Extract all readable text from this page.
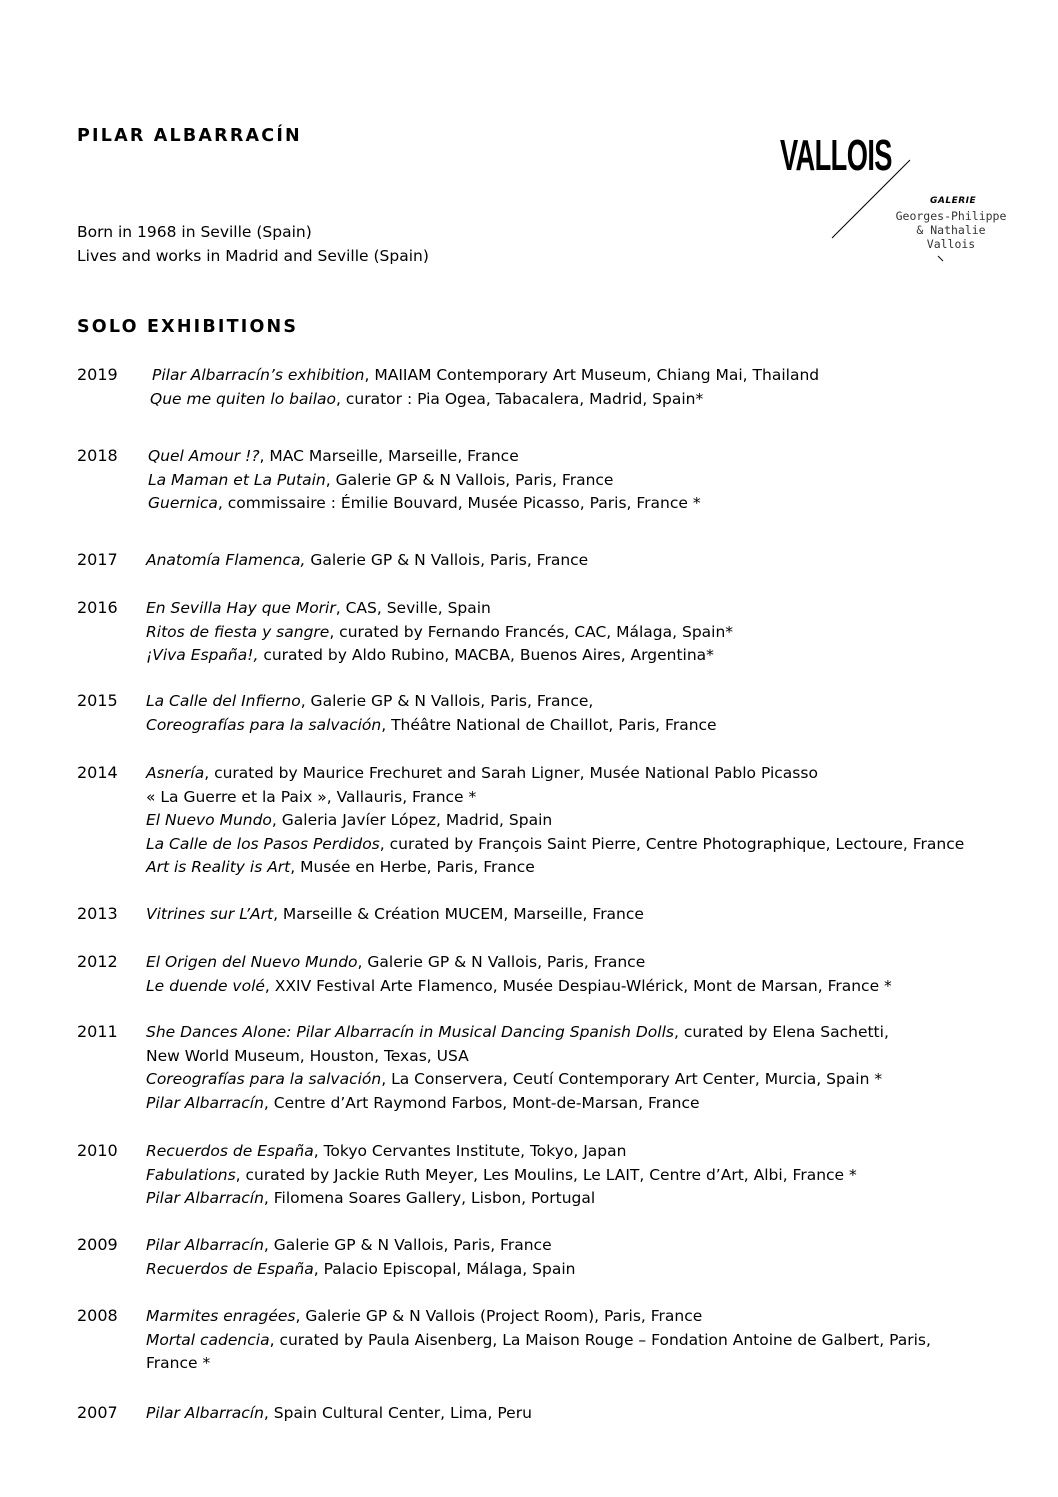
PILAR ALBARRACÍN	VALLOIS
GALERIE
Georges-Philippe
& Nathalie
Vallois
Born in 1968 in Seville (Spain)
Lives and works in Madrid and Seville (Spain)
SOLO EXHIBITIONS
2019 Pilar Albarracín’s exhibition, MAIIAM Contemporary Art Museum, Chiang Mai, Thailand
Que me quiten lo bailao, curator : Pia Ogea, Tabacalera, Madrid, Spain*
2018 Quel Amour !?, MAC Marseille, Marseille, France
La Maman et La Putain, Galerie GP & N Vallois, Paris, France
Guernica, commissaire : Émilie Bouvard, Musée Picasso, Paris, France *
2017 Anatomía Flamenca, Galerie GP & N Vallois, Paris, France
2016 En Sevilla Hay que Morir, CAS, Seville, Spain
Ritos de fiesta y sangre, curated by Fernando Francés, CAC, Málaga, Spain*
¡Viva España!, curated by Aldo Rubino, MACBA, Buenos Aires, Argentina*
2015 La Calle del Infierno, Galerie GP & N Vallois, Paris, France,
Coreografías para la salvación, Théâtre National de Chaillot, Paris, France
2014 Asnería, curated by Maurice Frechuret and Sarah Ligner, Musée National Pablo Picasso
« La Guerre et la Paix », Vallauris, France *
El Nuevo Mundo, Galeria Javíer López, Madrid, Spain
La Calle de los Pasos Perdidos, curated by François Saint Pierre, Centre Photographique, Lectoure, France
Art is Reality is Art, Musée en Herbe, Paris, France
2013 Vitrines sur L’Art, Marseille & Création MUCEM, Marseille, France
2012 El Origen del Nuevo Mundo, Galerie GP & N Vallois, Paris, France
Le duende volé, XXIV Festival Arte Flamenco, Musée Despiau-Wlérick, Mont de Marsan, France *
2011 She Dances Alone: Pilar Albarracín in Musical Dancing Spanish Dolls, curated by Elena Sachetti,
New World Museum, Houston, Texas, USA
Coreografías para la salvación, La Conservera, Ceutí Contemporary Art Center, Murcia, Spain *
Pilar Albarracín, Centre d’Art Raymond Farbos, Mont-de-Marsan, France
2010 Recuerdos de España, Tokyo Cervantes Institute, Tokyo, Japan
Fabulations, curated by Jackie Ruth Meyer, Les Moulins, Le LAIT, Centre d’Art, Albi, France *
Pilar Albarracín, Filomena Soares Gallery, Lisbon, Portugal
2009 Pilar Albarracín, Galerie GP & N Vallois, Paris, France
Recuerdos de España, Palacio Episcopal, Málaga, Spain
2008 Marmites enragées, Galerie GP & N Vallois (Project Room), Paris, France
Mortal cadencia, curated by Paula Aisenberg, La Maison Rouge – Fondation Antoine de Galbert, Paris,
France *
2007 Pilar Albarracín, Spain Cultural Center, Lima, Peru
